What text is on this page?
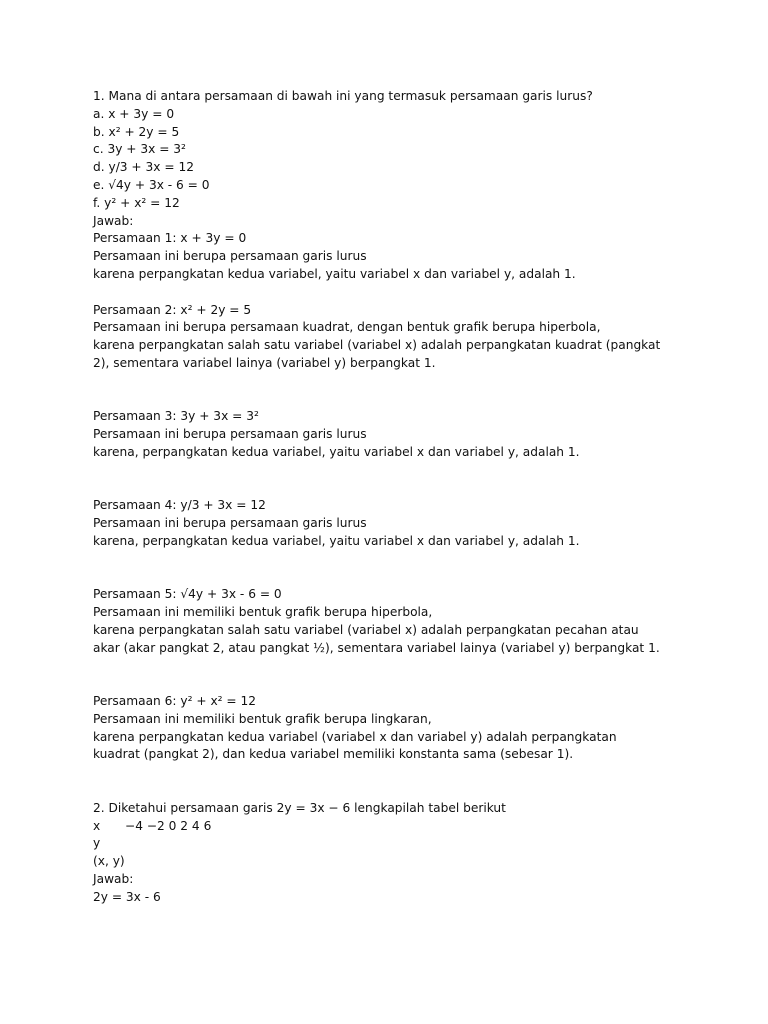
1. Mana di antara persamaan di bawah ini yang termasuk persamaan garis lurus?
a. x + 3y = 0
b. x² + 2y = 5
c. 3y + 3x = 3²
d. y/3 + 3x = 12
e. √4y + 3x - 6 = 0
f. y² + x² = 12
Jawab:
Persamaan 1: x + 3y = 0
Persamaan ini berupa persamaan garis lurus
karena perpangkatan kedua variabel, yaitu variabel x dan variabel y, adalah 1.
Persamaan 2: x² + 2y = 5
Persamaan ini berupa persamaan kuadrat, dengan bentuk grafik berupa hiperbola,
karena perpangkatan salah satu variabel (variabel x) adalah perpangkatan kuadrat (pangkat
2), sementara variabel lainya (variabel y) berpangkat 1.
Persamaan 3: 3y + 3x = 3²
Persamaan ini berupa persamaan garis lurus
karena, perpangkatan kedua variabel, yaitu variabel x dan variabel y, adalah 1.
Persamaan 4: y/3 + 3x = 12
Persamaan ini berupa persamaan garis lurus
karena, perpangkatan kedua variabel, yaitu variabel x dan variabel y, adalah 1.
Persamaan 5: √4y + 3x - 6 = 0
Persamaan ini memiliki bentuk grafik berupa hiperbola,
karena perpangkatan salah satu variabel (variabel x) adalah perpangkatan pecahan atau
akar (akar pangkat 2, atau pangkat ½), sementara variabel lainya (variabel y) berpangkat 1.
Persamaan 6: y² + x² = 12
Persamaan ini memiliki bentuk grafik berupa lingkaran,
karena perpangkatan kedua variabel (variabel x dan variabel y) adalah perpangkatan
kuadrat (pangkat 2), dan kedua variabel memiliki konstanta sama (sebesar 1).
2. Diketahui persamaan garis 2y = 3x − 6 lengkapilah tabel berikut
x	−4 −2 0 2 4 6
y
(x, y)
Jawab:
2y = 3x - 6
